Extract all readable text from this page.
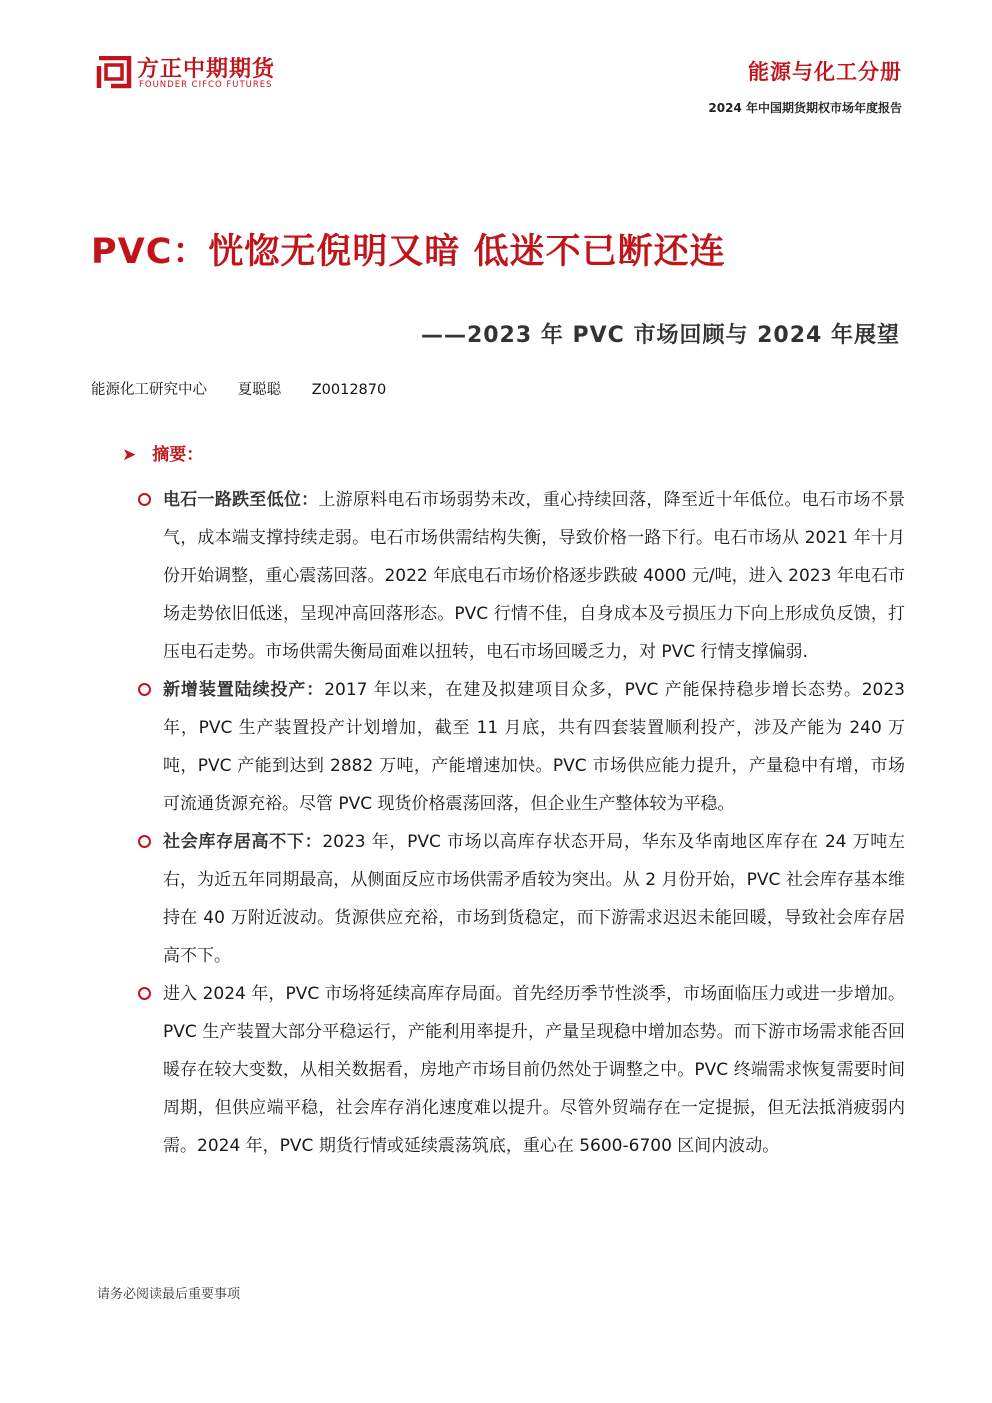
方正中期期货
FOUNDER CIFCO FUTURES
能源与化工分册
2024 年中国期货期权市场年度报告
PVC：恍惚无倪明又暗 低迷不已断还连
——2023 年 PVC 市场回顾与 2024 年展望
能源化工研究中心 夏聪聪 Z0012870
➤ 摘要：

电石一路跌至低位：上游原料电石市场弱势未改，重心持续回落，降至近十年低位。电石市场不景气，成本端支撑持续走弱。电石市场供需结构失衡，导致价格一路下行。电石市场从 2021 年十月份开始调整，重心震荡回落。2022 年底电石市场价格逐步跌破 4000 元/吨，进入 2023 年电石市场走势依旧低迷，呈现冲高回落形态。PVC 行情不佳，自身成本及亏损压力下向上形成负反馈，打压电石走势。市场供需失衡局面难以扭转，电石市场回暖乏力，对 PVC 行情支撑偏弱.

新增装置陆续投产：2017 年以来，在建及拟建项目众多，PVC 产能保持稳步增长态势。2023 年，PVC 生产装置投产计划增加，截至 11 月底，共有四套装置顺利投产，涉及产能为 240 万吨，PVC 产能到达到 2882 万吨，产能增速加快。PVC 市场供应能力提升，产量稳中有增，市场可流通货源充裕。尽管 PVC 现货价格震荡回落，但企业生产整体较为平稳。

社会库存居高不下：2023 年，PVC 市场以高库存状态开局，华东及华南地区库存在 24 万吨左右，为近五年同期最高，从侧面反应市场供需矛盾较为突出。从 2 月份开始，PVC 社会库存基本维持在 40 万附近波动。货源供应充裕，市场到货稳定，而下游需求迟迟未能回暖，导致社会库存居高不下。

进入 2024 年，PVC 市场将延续高库存局面。首先经历季节性淡季，市场面临压力或进一步增加。PVC 生产装置大部分平稳运行，产能利用率提升，产量呈现稳中增加态势。而下游市场需求能否回暖存在较大变数，从相关数据看，房地产市场目前仍然处于调整之中。PVC 终端需求恢复需要时间周期，但供应端平稳，社会库存消化速度难以提升。尽管外贸端存在一定提振，但无法抵消疲弱内需。2024 年，PVC 期货行情或延续震荡筑底，重心在 5600-6700 区间内波动。

请务必阅读最后重要事项
